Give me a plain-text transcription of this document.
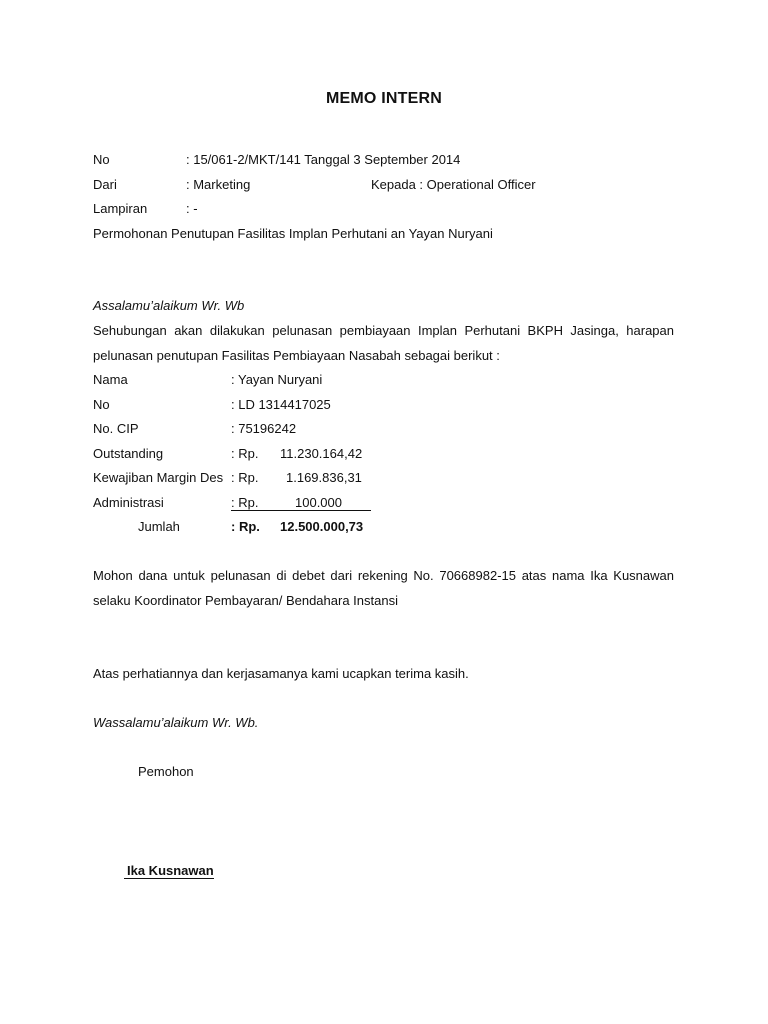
MEMO INTERN
No	: 15/061-2/MKT/141 Tanggal 3 September 2014
Dari	: Marketing	Kepada : Operational Officer
Lampiran	: -
Permohonan Penutupan Fasilitas Implan Perhutani an Yayan Nuryani
Assalamu’alaikum Wr. Wb
Sehubungan akan dilakukan pelunasan pembiayaan Implan Perhutani BKPH Jasinga, harapan
pelunasan penutupan Fasilitas Pembiayaan Nasabah sebagai berikut :
Nama	: Yayan Nuryani
No	: LD 1314417025
No. CIP	: 75196242
Outstanding	: Rp. 11.230.164,42
Kewajiban Margin Des : Rp. 1.169.836,31
Administrasi	: Rp.	100.000
Jumlah	: Rp. 12.500.000,73
Mohon dana untuk pelunasan di debet dari rekening No. 70668982-15 atas nama Ika Kusnawan
selaku Koordinator Pembayaran/ Bendahara Instansi
Atas perhatiannya dan kerjasamanya kami ucapkan terima kasih.
Wassalamu’alaikum Wr. Wb.
Pemohon
Ika Kusnawan
